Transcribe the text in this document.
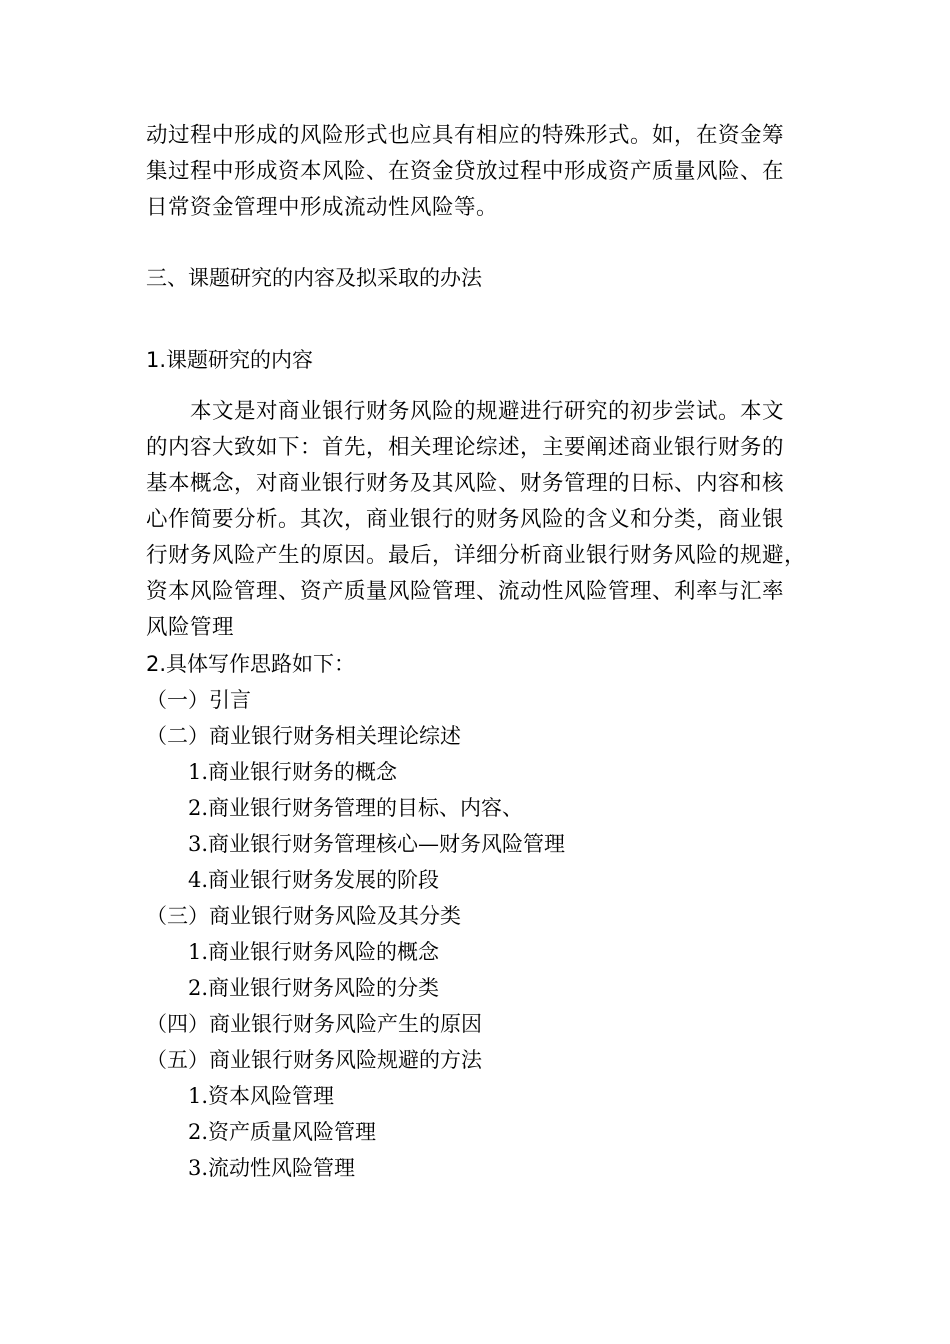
动过程中形成的风险形式也应具有相应的特殊形式。如，在资金筹
集过程中形成资本风险、在资金贷放过程中形成资产质量风险、在
日常资金管理中形成流动性风险等。
三、课题研究的内容及拟采取的办法
1.课题研究的内容
　　本文是对商业银行财务风险的规避进行研究的初步尝试。本文
的内容大致如下：首先，相关理论综述，主要阐述商业银行财务的
基本概念，对商业银行财务及其风险、财务管理的日标、内容和核
心作简要分析。其次，商业银行的财务风险的含义和分类，商业银
行财务风险产生的原因。最后，详细分析商业银行财务风险的规避，
资本风险管理、资产质量风险管理、流动性风险管理、利率与汇率
风险管理
2.具体写作思路如下：
（一）引言
（二）商业银行财务相关理论综述
1.商业银行财务的概念
2.商业银行财务管理的目标、内容、
3.商业银行财务管理核心—财务风险管理
4.商业银行财务发展的阶段
（三）商业银行财务风险及其分类
1.商业银行财务风险的概念
2.商业银行财务风险的分类
（四）商业银行财务风险产生的原因
（五）商业银行财务风险规避的方法
1.资本风险管理
2.资产质量风险管理
3.流动性风险管理
